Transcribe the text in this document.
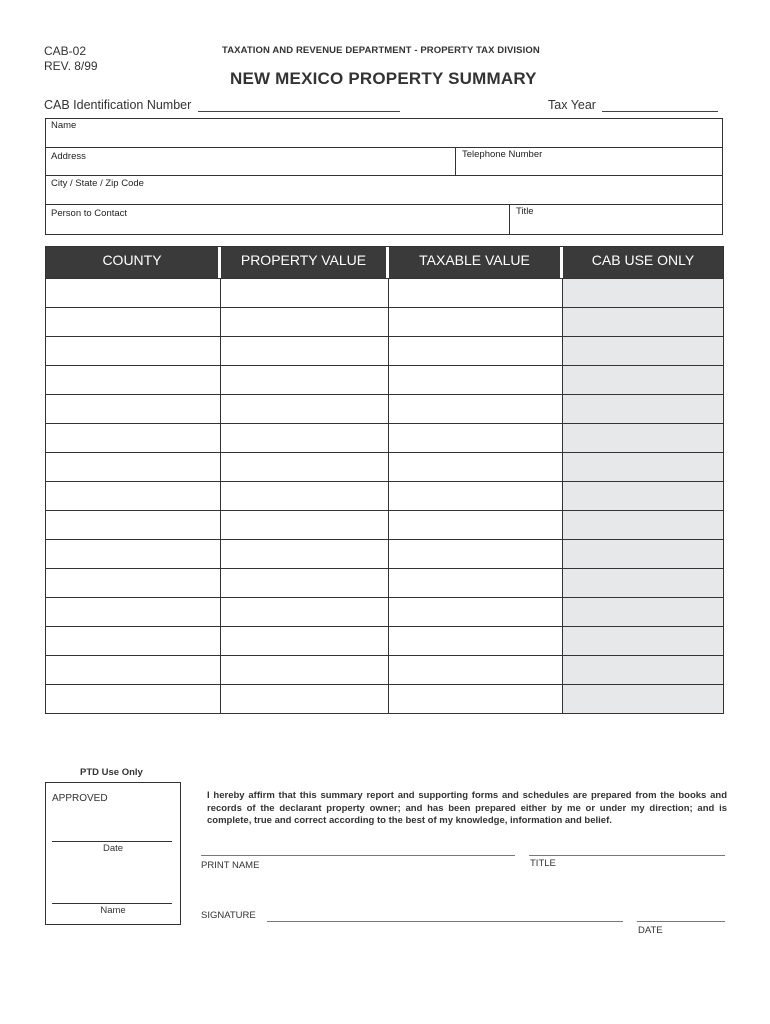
CAB-02
REV. 8/99
TAXATION AND REVENUE DEPARTMENT - PROPERTY TAX DIVISION
NEW MEXICO PROPERTY SUMMARY
CAB Identification Number	Tax Year
Name
Address	Telephone Number
City / State / Zip Code
Person to Contact	Title
COUNTY	PROPERTY VALUE	TAXABLE VALUE	CAB USE ONLY
PTD Use Only
APPROVED
Date
Name
I hereby affirm that this summary report and supporting forms and schedules are prepared from the books and records of the declarant property owner; and has been prepared either by me or under my direction; and is complete, true and correct according to the best of my knowledge, information and belief.
PRINT NAME	TITLE
SIGNATURE
DATE
